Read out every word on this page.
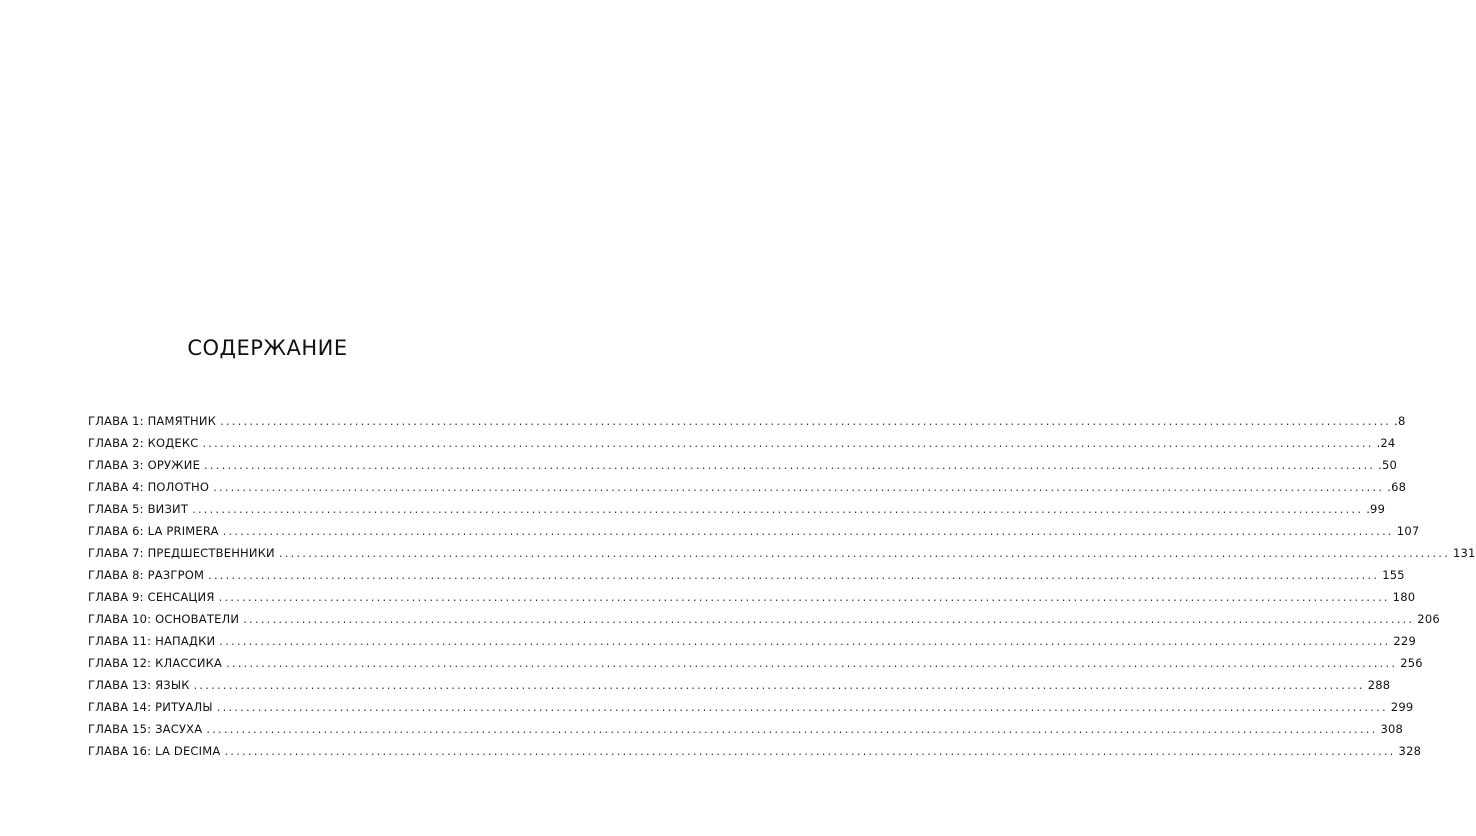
СОДЕРЖАНИЕ
ГЛАВА 1: ПАМЯТНИК ........................................................................................................................................................................................................ .8
ГЛАВА 2: КОДЕКС ........................................................................................................................................................................................................ .24
ГЛАВА 3: ОРУЖИЕ ........................................................................................................................................................................................................ .50
ГЛАВА 4: ПОЛОТНО ........................................................................................................................................................................................................ .68
ГЛАВА 5: ВИЗИТ ........................................................................................................................................................................................................ .99
ГЛАВА 6: LA PRIMERA ........................................................................................................................................................................................................ 107
ГЛАВА 7: ПРЕДШЕСТВЕННИКИ ........................................................................................................................................................................................................ 131
ГЛАВА 8: РАЗГРОМ ........................................................................................................................................................................................................ 155
ГЛАВА 9: СЕНСАЦИЯ ........................................................................................................................................................................................................ 180
ГЛАВА 10: ОСНОВАТЕЛИ ........................................................................................................................................................................................................ 206
ГЛАВА 11: НАПАДКИ ........................................................................................................................................................................................................ 229
ГЛАВА 12: КЛАССИКА ........................................................................................................................................................................................................ 256
ГЛАВА 13: ЯЗЫК ........................................................................................................................................................................................................ 288
ГЛАВА 14: РИТУАЛЫ ........................................................................................................................................................................................................ 299
ГЛАВА 15: ЗАСУХА ........................................................................................................................................................................................................ 308
ГЛАВА 16: LA DECIMA ........................................................................................................................................................................................................ 328
